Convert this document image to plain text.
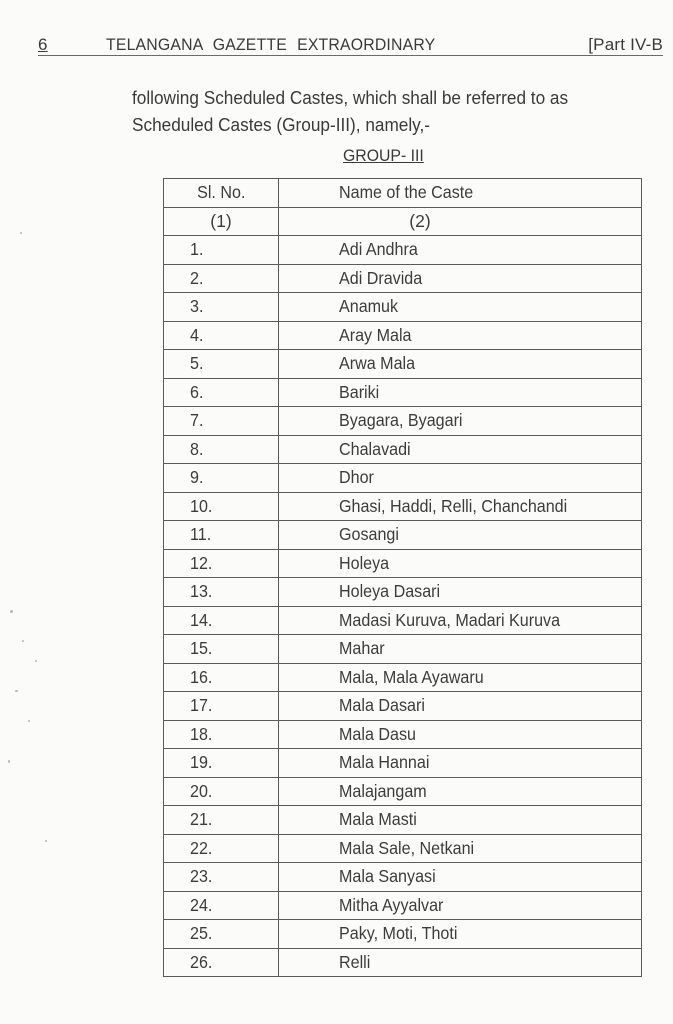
6	TELANGANA GAZETTE EXTRAORDINARY	[Part IV-B

following Scheduled Castes, which shall be referred to as

Scheduled Castes (Group-III), namely,-

GROUP- III
Sl. No.	Name of the Caste
(1)	(2)
1.	Adi Andhra
2.	Adi Dravida
3.	Anamuk
4.	Aray Mala
5.	Arwa Mala
6.	Bariki
7.	Byagara, Byagari
8.	Chalavadi
9.	Dhor
10.	Ghasi, Haddi, Relli, Chanchandi
11.	Gosangi
12.	Holeya
13.	Holeya Dasari
14.	Madasi Kuruva, Madari Kuruva
15.	Mahar
16.	Mala, Mala Ayawaru
17.	Mala Dasari
18.	Mala Dasu
19.	Mala Hannai
20.	Malajangam
21.	Mala Masti
22.	Mala Sale, Netkani
23.	Mala Sanyasi
24.	Mitha Ayyalvar
25.	Paky, Moti, Thoti
26.	Relli
